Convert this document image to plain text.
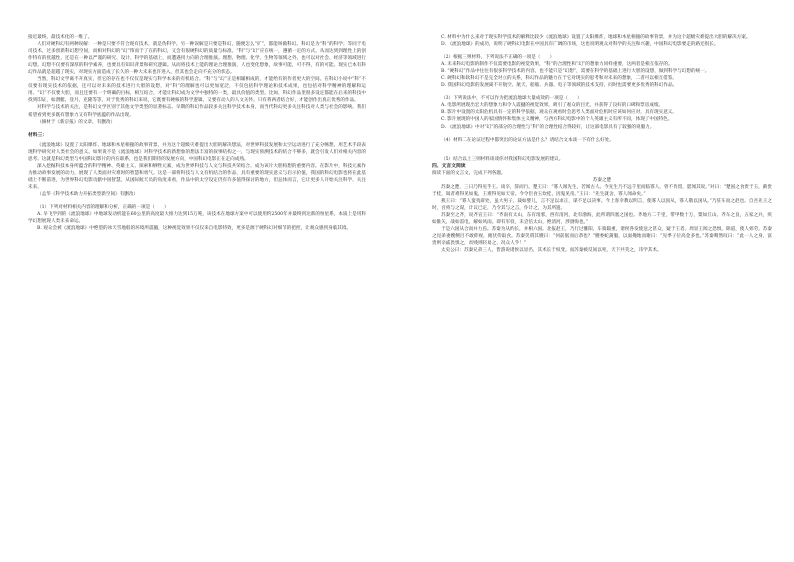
接近最终、最技术化的一维了。

人们对硬科幻有两种误解：一种是只要不符合现有技术，就是伪科学。另一种误解是只要是科幻，随便怎么“扩”，都能叫做科幻。科幻是为“科”的科学；等同于电司技术，过多创新科幻想空间，而相对科幻的“幻”饰而于了在的科幻，又会有很硬科幻的质量与标准。“科”与“幻”应在统一，遵循一定的方式。从而达到到理性上的创作特有的优越性，还是在一种以严谨的研究、设计、科学的基础上，而遭遇用力向的合理推演。理想、物理、化学、生物等领域之外，也可以对社会、经济等领域进行幻想。幻想不仅要有深厚的科学素养，也要具有知识背景和研究逻辑。从而将技术上能的理论合理推演，人也变化想象，故事可能，可不得，有的可能。现实已本有科幻作品就是超越了现实，对现实方面造成了长久的一种大未来也许进入，但其也会走向不充分的状态。

当然，科幻文学离不开真实，但它的存在也不仅仅是现实与科学本来的有机结合。“科”与“幻”正是相辅相成的，才能给有的作者更大的空间。在科幻小说中“科”不仅要有现实技术的依据，还可以对未来的技术进行大胆的设想，对“科”的理解也可以更加宽泛，不仅包括科学理论和技术成果，也包括对科学精神的理解和运用。“幻”不仅要大胆，而且还要有一个明确的目标，相互结合，才能让科幻成为文学中独特的一类，最具价值的类型。比如，科幻作品里很多设定都能在后来的科技中找到印证，如潜艇、登月、克隆等等，对于优秀的科幻来说，它既要有硬核的科学逻辑，又要有动人的人文关怀。只有将两者结合好，才能创作出真正优秀的作品。

对科学与技术的关注，是科幻文学区别于其他文学类型的显著标志。早期的科幻作品较多关注科学技术本身，而当代科幻更多关注科技对人类与社会的影响。我们希望看到更多既有想象力又有科学底蕴的作品出现。

（摘材于《新京报》的文章，有删改）

材料三：

《流浪地球》设置了太阳爆炸、地球和木星相撞的故事背景，并为这个超级灾难提出大胆的解决想法，对世界科技发展和太空运动进行了充分畅想，用艺术手段表现科学研究对人类社会的意义。如果说不是《流浪地球》对科学技术的新想象的想法丰富的叙事结构之一，与现实预测技术的结合不够多，就会引发人们对相关内容的思考。这就是科幻类型与中国科幻影片的内在联系，也是我们期待的发展方向，中国科幻电影正在走向成熟。

深入挖掘科技本身所蕴含的科学精神、英雄主义、探索和牺牲元素，成为世界科技与人文与科技共荣结合、成为该片大胆构想的重要内容。在影片中，科技元素作为推动故事发展的动力，展现了人类面对灾难时的智慧和勇气。这是一部将科技与人文有机结合的作品，具有重要的现实意义与启示价值，我国的科幻电影也将在此基础上不断前进，为世界科幻电影贡献中国智慧。从国际航天员的角度来看，作品中的太空设定仍有许多值得探讨的地方，但总体而言，它让更多人开始关注科学、关注未来。

（孟华《科学技术助力开拓类型新空间》有删改）

（1）下列对材料相关内容的理解和分析，正确的一项是（　　）

A. 早飞学到的《流浪地球》中地球发动机能在60公里的高度最大推力达到15万吨，该技术在地球方案中可以使用约2500年并最终到达新的恒星系，本质上是用科学幻想展现人类未来命运。

B. 观众会被《流浪地球》中绝望的冰天雪地般的环境所震撼，这种视觉效果不仅仅来自电影特效，更多是源于硬科幻对细节的把控，让观众感到身临其境。

C. 材料中为什么来对于现实科学技术的解释比较少《流浪地球》设置了太阳爆炸，地球和木星相撞的故事背景，并为这个超级灾难提出大胆的解决方案。

D. 《流浪地球》的成功，说明了硬科幻电影在中国具有广阔的市场，这也说明观众对科学的关注和兴趣，中国科幻电影要走的路还很长。

（2）根据三则材料，下列说法不正确的一项是（　　）

A. 未来科幻电影的制作不仅需要电影的视觉效果，“科”的合理性和“幻”的想象力同样重要，这两者是相互依存的。

B. “硬科幻”作品中往往有很多科学技术的内容，也不能只是“幻想”，需要在科学的基础上进行大胆的设想，做到科学与幻想的统一。

C. 硬科幻和软科幻不是完全对立的关系，科幻作品的魅力在于它对现实的思考和对未来的想象，二者可以相互借鉴。

D. 我国科幻电影的发展离不开航空、航天、船舶、兵器、电子等领域的技术支持，同时也需要更多优秀的科幻作品。

（3）下列说法中，不可以作为把流浪地球大量成效的一项是（　　）

A. 电影所展现出宏大的想象力和令人震撼的视觉效果，吸引了观众的目光，并获得了良好的口碑和票房成绩。

B. 影片中设置的太阳危机具有一定的科学依据，观众在观看时会思考人类面对危机时应该如何应对，具有现实意义。

C. 影片展现的中国人的家国情怀和集体主义精神，与西方科幻电影中的个人英雄主义有所不同，体现了中国特色。

D. 《流浪地球》中对“幻”的部分的合理性与“科”的合理性结合得较好，让这部电影具有了较强的说服力。

（4）材料二在论证过程中都突出的论证方法是什么？请结合文本谈一下有什么好处。

（5）结合以上三则材料谈谈你对我国科幻电影发展的建议。

四、文言文阅读

阅读下面的文言文，完成下列各题。

苏秦之楚

苏秦之楚，三日乃得见乎王。谈卒，辞而行。楚王曰：“寡人闻先生，若闻古人。今先生乃不远千里而临寡人，曾不肯留，愿闻其说。”对曰：“楚国之食贵于玉，薪贵于桂，谒者难得见如鬼，王难得见如天帝。今令臣食玉炊桂，因鬼见帝。”王曰：“先生就舍，寡人闻命矣。”

燕王曰：“寡人蛮夷辟处，虽大男子，裁如婴儿，言不足以求正，谋不足以决事。今上客幸教以明言，使寡人以国从，寡人敬以国从。”乃驻车而之赵也。自吾先王之时，吾将与之谋，计议已定，乃令其与之言，仆计之，为其所遗。

苏秦至之齐，说齐宣王曰：“齐南有太山，东有琅邪，西有清河，北有渤海，此所谓四塞之国也。齐地方二千里，带甲数十万，粟如丘山。齐车之良，五家之兵，疾如锥矢，战如雷电，解如风雨。即有军役，未尝倍太山，绝清河，涉渤海也。”

于是六国从合而并力焉。苏秦为从约长，并相六国。北报赵王，乃行过雒阳，车骑辎重，诸侯各发使送之甚众，疑于王者。周显王闻之恐惧，除道，使人郊劳。苏秦之昆弟妻嫂侧目不敢仰视，俯伏侍取食。苏秦笑谓其嫂曰：“何前倨而后恭也？”嫂委蛇蒲服，以面掩地而谢曰：“见季子位高金多也。”苏秦喟然叹曰：“此一人之身，富贵则亲戚畏惧之，贫贱则轻易之，况众人乎！”

太史公曰：苏秦兄弟三人，皆游说诸侯以显名，其术长于权变。而苏秦被反间以死，天下共笑之，讳学其术。
